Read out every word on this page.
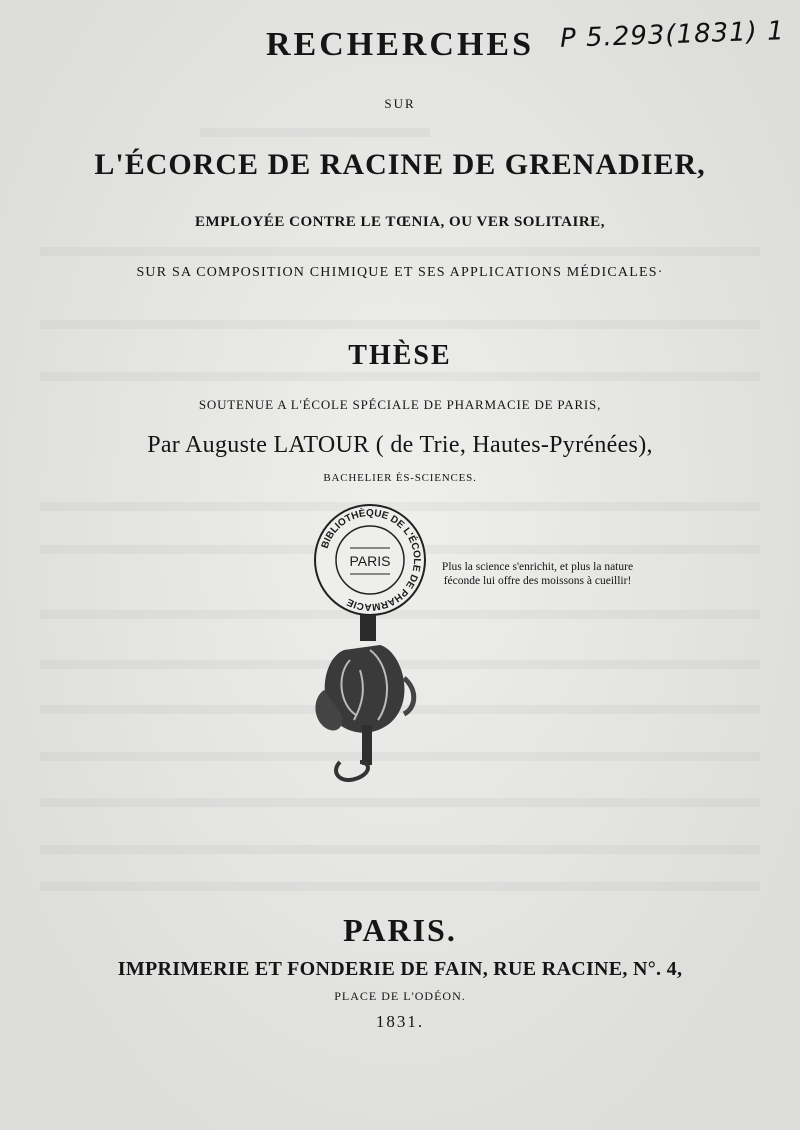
P 5.293(1831) 1
RECHERCHES
SUR
L'ÉCORCE DE RACINE DE GRENADIER,
EMPLOYÉE CONTRE LE TŒNIA, OU VER SOLITAIRE,
SUR SA COMPOSITION CHIMIQUE ET SES APPLICATIONS MÉDICALES·
THÈSE
SOUTENUE A L'ÉCOLE SPÉCIALE DE PHARMACIE DE PARIS,
Par Auguste LATOUR ( de Trie, Hautes-Pyrénées),
BACHELIER ÈS-SCIENCES.
BIBLIOTHÈQUE DE L'ÉCOLE DE PHARMACIE
PARIS	Plus la science s'enrichit, et plus la nature féconde lui offre des moissons à cueillir!
PARIS.
IMPRIMERIE ET FONDERIE DE FAIN, RUE RACINE, N°. 4,
PLACE DE L'ODÉON.
1831.
